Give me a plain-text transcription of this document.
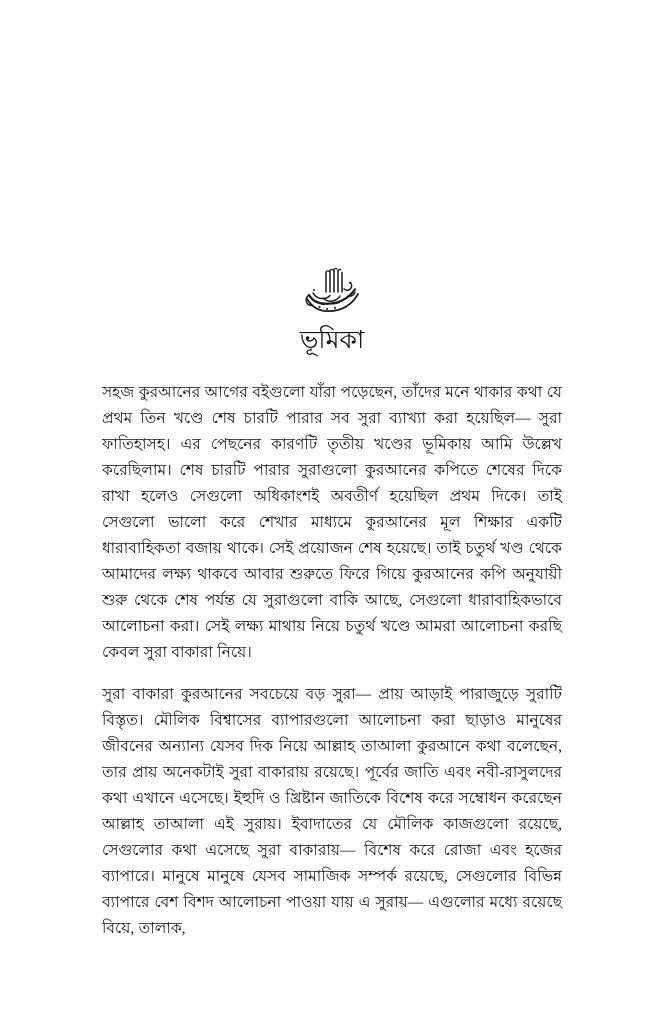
ভূমিকা

সহজ কুরআনের আগের বইগুলো যাঁরা পড়েছেন, তাঁদের মনে থাকার কথা যে প্রথম তিন খণ্ডে শেষ চারটি পারার সব সুরা ব্যাখ্যা করা হয়েছিল— সুরা ফাতিহাসহ। এর পেছনের কারণটি তৃতীয় খণ্ডের ভূমিকায় আমি উল্লেখ করেছিলাম। শেষ চারটি পারার সুরাগুলো কুরআনের কপিতে শেষের দিকে রাখা হলেও সেগুলো অধিকাংশই অবতীর্ণ হয়েছিল প্রথম দিকে। তাই সেগুলো ভালো করে শেখার মাধ্যমে কুরআনের মূল শিক্ষার একটি ধারাবাহিকতা বজায় থাকে। সেই প্রয়োজন শেষ হয়েছে। তাই চতুর্থ খণ্ড থেকে আমাদের লক্ষ্য থাকবে আবার শুরুতে ফিরে গিয়ে কুরআনের কপি অনুযায়ী শুরু থেকে শেষ পর্যন্ত যে সুরাগুলো বাকি আছে, সেগুলো ধারাবাহিকভাবে আলোচনা করা। সেই লক্ষ্য মাথায় নিয়ে চতুর্থ খণ্ডে আমরা আলোচনা করছি কেবল সুরা বাকারা নিয়ে।

সুরা বাকারা কুরআনের সবচেয়ে বড় সুরা— প্রায় আড়াই পারাজুড়ে সুরাটি বিস্তৃত। মৌলিক বিশ্বাসের ব্যাপারগুলো আলোচনা করা ছাড়াও মানুষের জীবনের অন্যান্য যেসব দিক নিয়ে আল্লাহ তাআলা কুরআনে কথা বলেছেন, তার প্রায় অনেকটাই সুরা বাকারায় রয়েছে। পূর্বের জাতি এবং নবী-রাসুলদের কথা এখানে এসেছে। ইহুদি ও খ্রিষ্টান জাতিকে বিশেষ করে সম্বোধন করেছেন আল্লাহ তাআলা এই সুরায়। ইবাদাতের যে মৌলিক কাজগুলো রয়েছে, সেগুলোর কথা এসেছে সুরা বাকারায়— বিশেষ করে রোজা এবং হজের ব্যাপারে। মানুষে মানুষে যেসব সামাজিক সম্পর্ক রয়েছে, সেগুলোর বিভিন্ন ব্যাপারে বেশ বিশদ আলোচনা পাওয়া যায় এ সুরায়— এগুলোর মধ্যে রয়েছে বিয়ে, তালাক,
